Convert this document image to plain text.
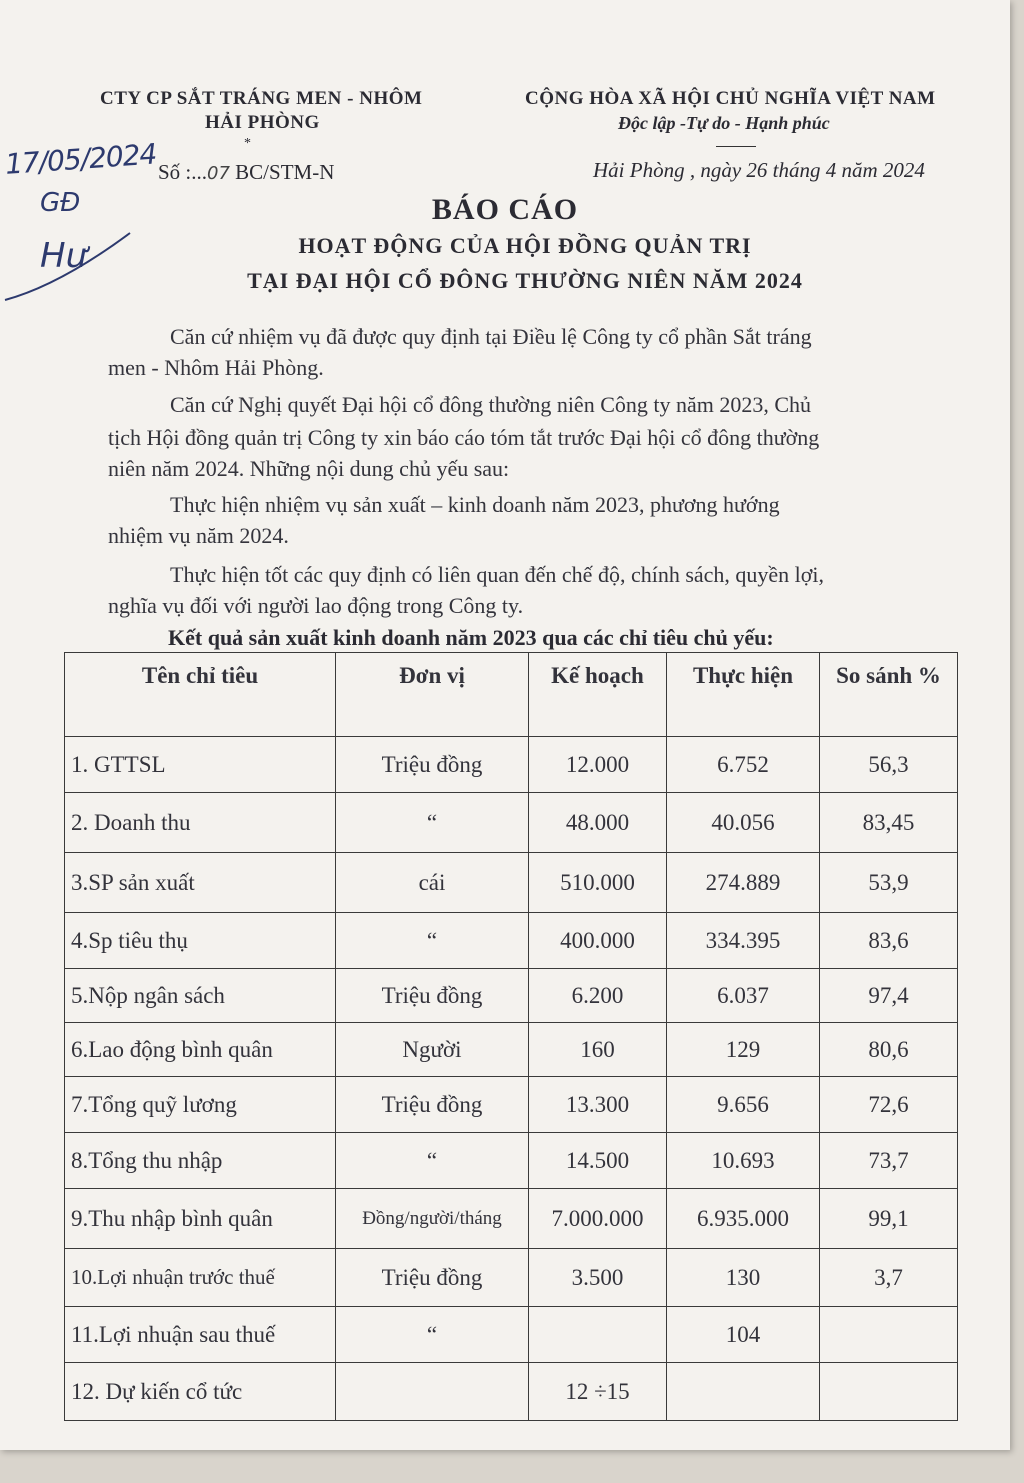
CTY CP SẮT TRÁNG MEN - NHÔM
HẢI PHÒNG
*
CỘNG HÒA XÃ HỘI CHỦ NGHĨA VIỆT NAM
Độc lập -Tự do - Hạnh phúc
17/05/2024
GĐ
Hư
Số :...07 BC/STM-N	Hải Phòng , ngày 26 tháng 4 năm 2024
BÁO CÁO
HOẠT ĐỘNG CỦA HỘI ĐỒNG QUẢN TRỊ
TẠI ĐẠI HỘI CỔ ĐÔNG THƯỜNG NIÊN NĂM 2024
Căn cứ nhiệm vụ đã được quy định tại Điều lệ Công ty cổ phần Sắt tráng
men - Nhôm Hải Phòng.
Căn cứ Nghị quyết Đại hội cổ đông thường niên Công ty năm 2023, Chủ
tịch Hội đồng quản trị Công ty xin báo cáo tóm tắt trước Đại hội cổ đông thường
niên năm 2024. Những nội dung chủ yếu sau:
Thực hiện nhiệm vụ sản xuất – kinh doanh năm 2023, phương hướng
nhiệm vụ năm 2024.
Thực hiện tốt các quy định có liên quan đến chế độ, chính sách, quyền lợi,
nghĩa vụ đối với người lao động trong Công ty.
Kết quả sản xuất kinh doanh năm 2023 qua các chỉ tiêu chủ yếu:
Tên chỉ tiêu	Đơn vị	Kế hoạch	Thực hiện	So sánh %
1. GTTSL	Triệu đồng	12.000	6.752	56,3
2. Doanh thu	“	48.000	40.056	83,45
3.SP sản xuất	cái	510.000	274.889	53,9
4.Sp tiêu thụ	“	400.000	334.395	83,6
5.Nộp ngân sách	Triệu đồng	6.200	6.037	97,4
6.Lao động bình quân	Người	160	129	80,6
7.Tổng quỹ lương	Triệu đồng	13.300	9.656	72,6
8.Tổng thu nhập	“	14.500	10.693	73,7
9.Thu nhập bình quân	Đồng/người/tháng	7.000.000	6.935.000	99,1
10.Lợi nhuận trước thuế	Triệu đồng	3.500	130	3,7
11.Lợi nhuận sau thuế	“		104	
12. Dự kiến cổ tức		12 ÷15		
